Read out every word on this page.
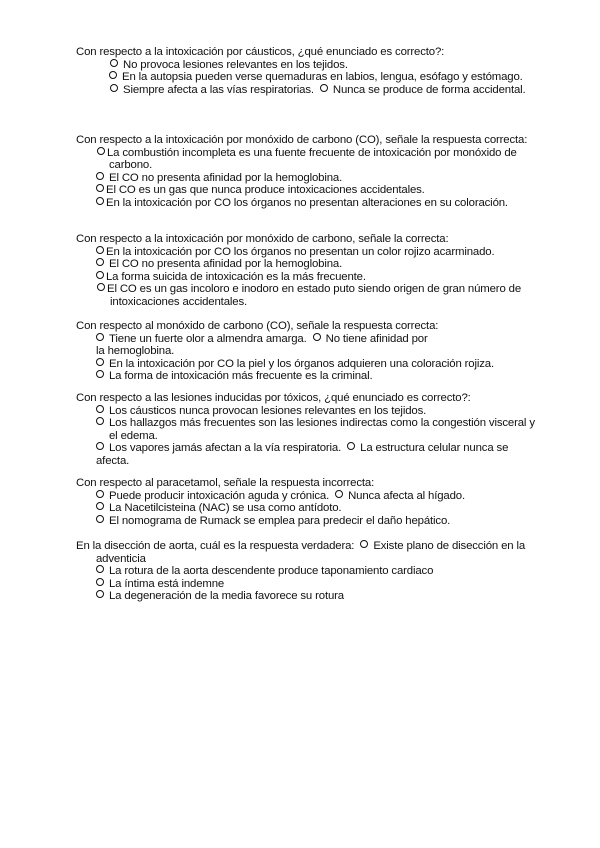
Con respecto a la intoxicación por cáusticos, ¿qué enunciado es correcto?:
No provoca lesiones relevantes en los tejidos.
En la autopsia pueden verse quemaduras en labios, lengua, esófago y estómago.
Siempre afecta a las vías respiratorias. Nunca se produce de forma accidental.
Con respecto a la intoxicación por monóxido de carbono (CO), señale la respuesta correcta:
La combustión incompleta es una fuente frecuente de intoxicación por monóxido de carbono.
El CO no presenta afinidad por la hemoglobina.
El CO es un gas que nunca produce intoxicaciones accidentales.
En la intoxicación por CO los órganos no presentan alteraciones en su coloración.
Con respecto a la intoxicación por monóxido de carbono, señale la correcta:
En la intoxicación por CO los órganos no presentan un color rojizo acarminado.
El CO no presenta afinidad por la hemoglobina.
La forma suicida de intoxicación es la más frecuente.
El CO es un gas incoloro e inodoro en estado puto siendo origen de gran número de intoxicaciones accidentales.
Con respecto al monóxido de carbono (CO), señale la respuesta correcta:
Tiene un fuerte olor a almendra amarga. No tiene afinidad por la hemoglobina.
En la intoxicación por CO la piel y los órganos adquieren una coloración rojiza.
La forma de intoxicación más frecuente es la criminal.
Con respecto a las lesiones inducidas por tóxicos, ¿qué enunciado es correcto?:
Los cáusticos nunca provocan lesiones relevantes en los tejidos.
Los hallazgos más frecuentes son las lesiones indirectas como la congestión visceral y el edema.
Los vapores jamás afectan a la vía respiratoria. La estructura celular nunca se afecta.
Con respecto al paracetamol, señale la respuesta incorrecta:
Puede producir intoxicación aguda y crónica. Nunca afecta al hígado.
La Nacetilcisteina (NAC) se usa como antídoto.
El nomograma de Rumack se emplea para predecir el daño hepático.
En la disección de aorta, cuál es la respuesta verdadera: Existe plano de disección en la adventicia
La rotura de la aorta descendente produce taponamiento cardiaco
La íntima está indemne
La degeneración de la media favorece su rotura
